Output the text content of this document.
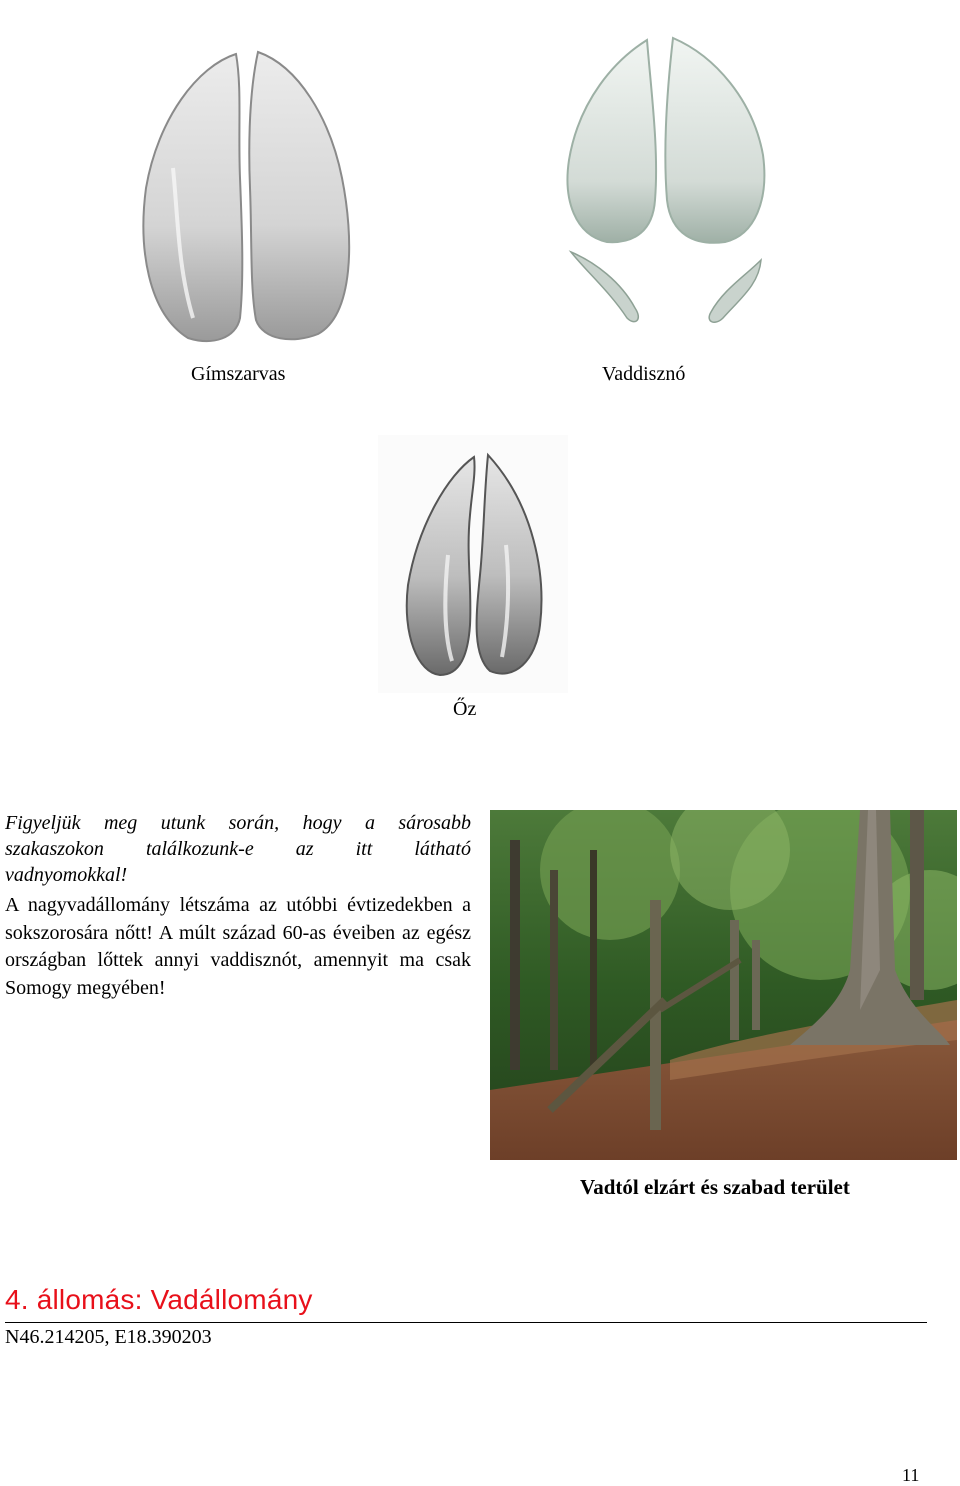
Gímszarvas	Vaddisznó
Őz

Figyeljük meg utunk során, hogy a sárosabb

szakaszokon találkozunk-e az itt látható

vadnyomokkal!

A nagyvadállomány létszáma az utóbbi évtizedekben a sokszorosára nőtt! A múlt század 60-as éveiben az egész országban lőttek annyi vaddisznót, amennyit ma csak Somogy megyében!

Vadtól elzárt és szabad terület
4. állomás: Vadállomány
N46.214205, E18.390203
11
